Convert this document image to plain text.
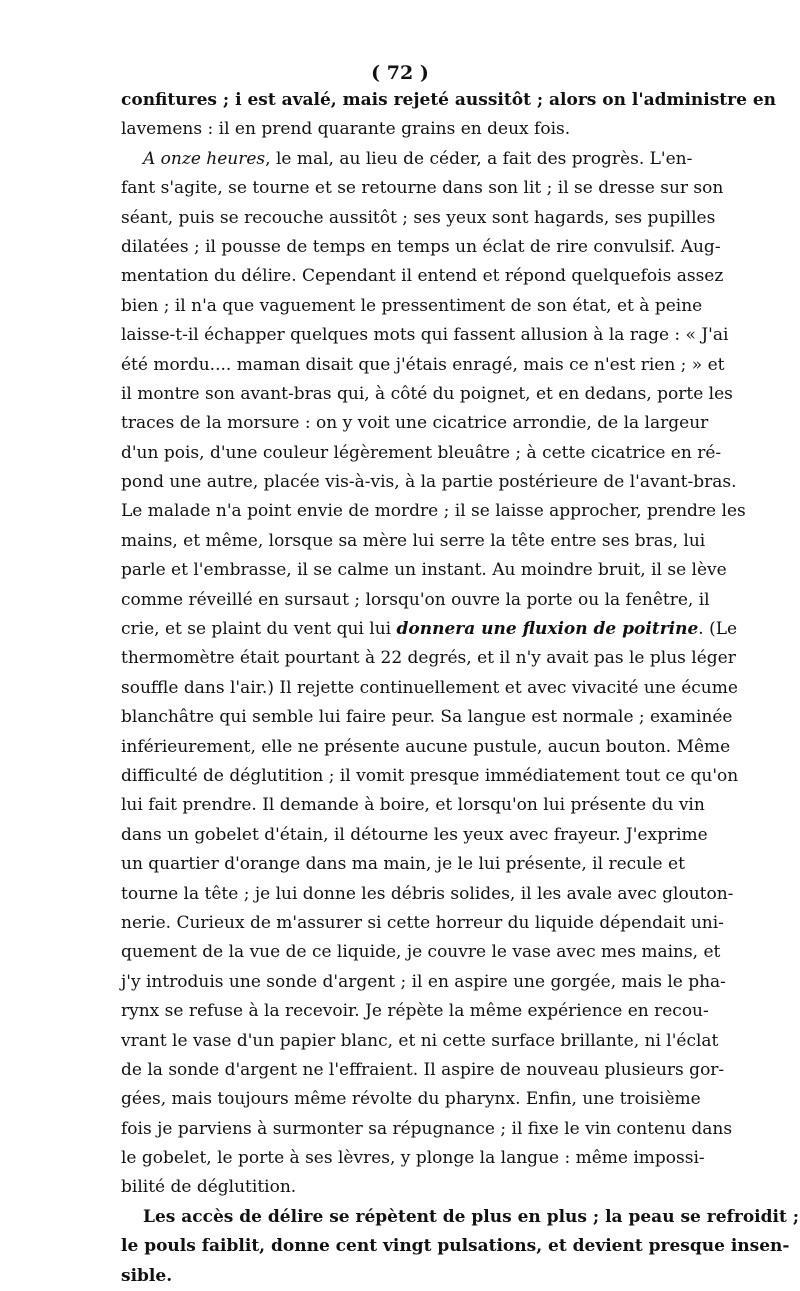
( 72 )
confitures ; i est avalé, mais rejeté aussitôt ; alors on l'administre en
lavemens : il en prend quarante grains en deux fois.
A onze heures, le mal, au lieu de céder, a fait des progrès. L'en-
fant s'agite, se tourne et se retourne dans son lit ; il se dresse sur son
séant, puis se recouche aussitôt ; ses yeux sont hagards, ses pupilles
dilatées ; il pousse de temps en temps un éclat de rire convulsif. Aug-
mentation du délire. Cependant il entend et répond quelquefois assez
bien ; il n'a que vaguement le pressentiment de son état, et à peine
laisse-t-il échapper quelques mots qui fassent allusion à la rage : « J'ai
été mordu.... maman disait que j'étais enragé, mais ce n'est rien ; » et
il montre son avant-bras qui, à côté du poignet, et en dedans, porte les
traces de la morsure : on y voit une cicatrice arrondie, de la largeur
d'un pois, d'une couleur légèrement bleuâtre ; à cette cicatrice en ré-
pond une autre, placée vis-à-vis, à la partie postérieure de l'avant-bras.
Le malade n'a point envie de mordre ; il se laisse approcher, prendre les
mains, et même, lorsque sa mère lui serre la tête entre ses bras, lui
parle et l'embrasse, il se calme un instant. Au moindre bruit, il se lève
comme réveillé en sursaut ; lorsqu'on ouvre la porte ou la fenêtre, il
crie, et se plaint du vent qui lui donnera une fluxion de poitrine. (Le
thermomètre était pourtant à 22 degrés, et il n'y avait pas le plus léger
souffle dans l'air.) Il rejette continuellement et avec vivacité une écume
blanchâtre qui semble lui faire peur. Sa langue est normale ; examinée
inférieurement, elle ne présente aucune pustule, aucun bouton. Même
difficulté de déglutition ; il vomit presque immédiatement tout ce qu'on
lui fait prendre. Il demande à boire, et lorsqu'on lui présente du vin
dans un gobelet d'étain, il détourne les yeux avec frayeur. J'exprime
un quartier d'orange dans ma main, je le lui présente, il recule et
tourne la tête ; je lui donne les débris solides, il les avale avec glouton-
nerie. Curieux de m'assurer si cette horreur du liquide dépendait uni-
quement de la vue de ce liquide, je couvre le vase avec mes mains, et
j'y introduis une sonde d'argent ; il en aspire une gorgée, mais le pha-
rynx se refuse à la recevoir. Je répète la même expérience en recou-
vrant le vase d'un papier blanc, et ni cette surface brillante, ni l'éclat
de la sonde d'argent ne l'effraient. Il aspire de nouveau plusieurs gor-
gées, mais toujours même révolte du pharynx. Enfin, une troisième
fois je parviens à surmonter sa répugnance ; il fixe le vin contenu dans
le gobelet, le porte à ses lèvres, y plonge la langue : même impossi-
bilité de déglutition.
Les accès de délire se répètent de plus en plus ; la peau se refroidit ;
le pouls faiblit, donne cent vingt pulsations, et devient presque insen-
sible.
